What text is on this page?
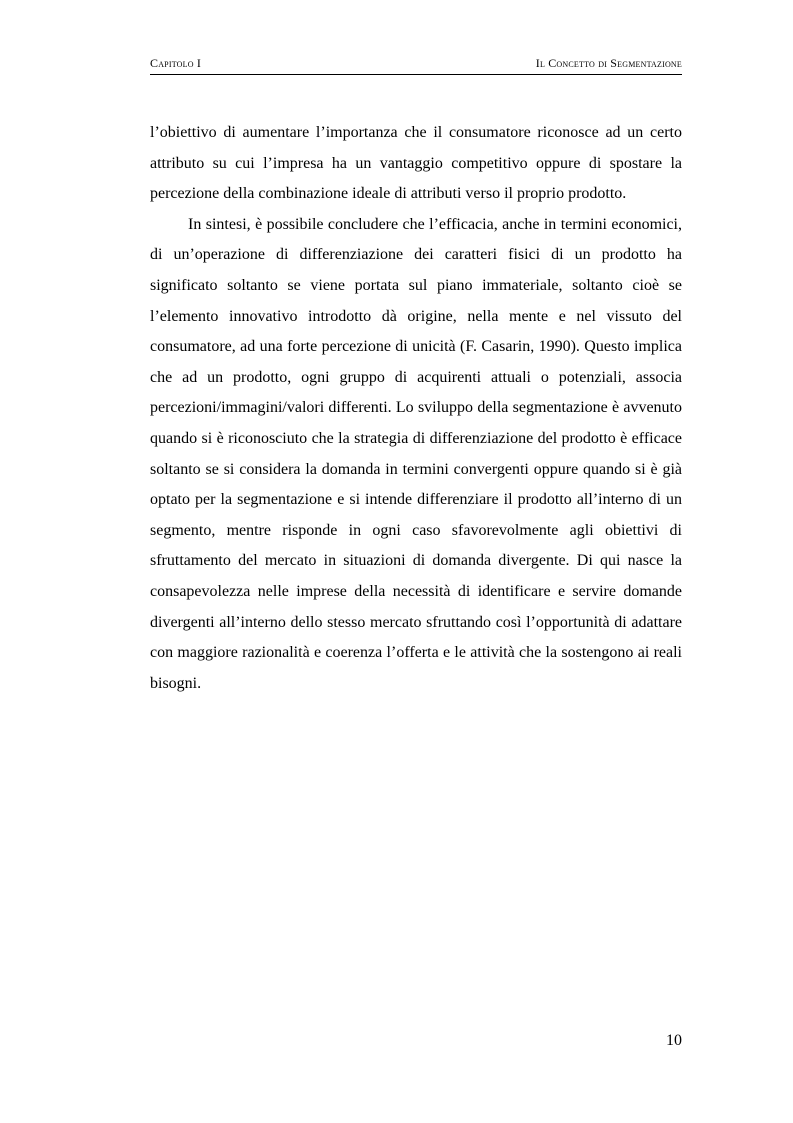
Capitolo I	Il Concetto di Segmentazione

l’obiettivo di aumentare l’importanza che il consumatore riconosce ad un certo attributo su cui l’impresa ha un vantaggio competitivo oppure di spostare la percezione della combinazione ideale di attributi verso il proprio prodotto.

In sintesi, è possibile concludere che l’efficacia, anche in termini economici, di un’operazione di differenziazione dei caratteri fisici di un prodotto ha significato soltanto se viene portata sul piano immateriale, soltanto cioè se l’elemento innovativo introdotto dà origine, nella mente e nel vissuto del consumatore, ad una forte percezione di unicità (F. Casarin, 1990). Questo implica che ad un prodotto, ogni gruppo di acquirenti attuali o potenziali, associa percezioni/immagini/valori differenti. Lo sviluppo della segmentazione è avvenuto quando si è riconosciuto che la strategia di differenziazione del prodotto è efficace soltanto se si considera la domanda in termini convergenti oppure quando si è già optato per la segmentazione e si intende differenziare il prodotto all’interno di un segmento, mentre risponde in ogni caso sfavorevolmente agli obiettivi di sfruttamento del mercato in situazioni di domanda divergente. Di qui nasce la consapevolezza nelle imprese della necessità di identificare e servire domande divergenti all’interno dello stesso mercato sfruttando così l’opportunità di adattare con maggiore razionalità e coerenza l’offerta e le attività che la sostengono ai reali bisogni.

10
